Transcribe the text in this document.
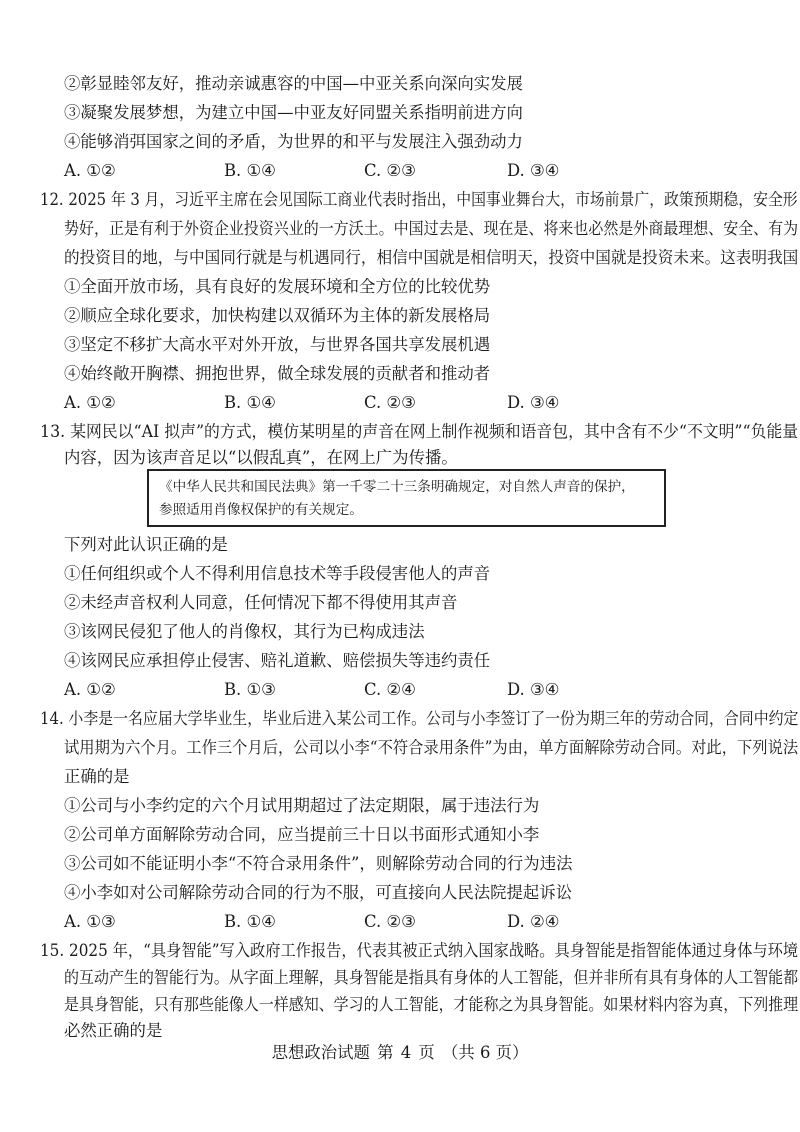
②彰显睦邻友好，推动亲诚惠容的中国—中亚关系向深向实发展
③凝聚发展梦想，为建立中国—中亚友好同盟关系指明前进方向
④能够消弭国家之间的矛盾，为世界的和平与发展注入强劲动力
A. ①②	B. ①④	C. ②③	D. ③④
12. 2025 年 3 月，习近平主席在会见国际工商业代表时指出，中国事业舞台大，市场前景广，政策预期稳，安全形
势好，正是有利于外资企业投资兴业的一方沃土。中国过去是、现在是、将来也必然是外商最理想、安全、有为
的投资目的地，与中国同行就是与机遇同行，相信中国就是相信明天，投资中国就是投资未来。这表明我国
①全面开放市场，具有良好的发展环境和全方位的比较优势
②顺应全球化要求，加快构建以双循环为主体的新发展格局
③坚定不移扩大高水平对外开放，与世界各国共享发展机遇
④始终敞开胸襟、拥抱世界，做全球发展的贡献者和推动者
A. ①②	B. ①④	C. ②③	D. ③④
13. 某网民以“AI 拟声”的方式，模仿某明星的声音在网上制作视频和语音包，其中含有不少“不文明”“负能量
内容，因为该声音足以“以假乱真”，在网上广为传播。
《中华人民共和国民法典》第一千零二十三条明确规定，对自然人声音的保护，
参照适用肖像权保护的有关规定。
下列对此认识正确的是
①任何组织或个人不得利用信息技术等手段侵害他人的声音
②未经声音权利人同意，任何情况下都不得使用其声音
③该网民侵犯了他人的肖像权，其行为已构成违法
④该网民应承担停止侵害、赔礼道歉、赔偿损失等违约责任
A. ①②	B. ①③	C. ②④	D. ③④
14. 小李是一名应届大学毕业生，毕业后进入某公司工作。公司与小李签订了一份为期三年的劳动合同，合同中约定
试用期为六个月。工作三个月后，公司以小李“不符合录用条件”为由，单方面解除劳动合同。对此，下列说法
正确的是
①公司与小李约定的六个月试用期超过了法定期限，属于违法行为
②公司单方面解除劳动合同，应当提前三十日以书面形式通知小李
③公司如不能证明小李“不符合录用条件”，则解除劳动合同的行为违法
④小李如对公司解除劳动合同的行为不服，可直接向人民法院提起诉讼
A. ①③	B. ①④	C. ②③	D. ②④
15. 2025 年，“具身智能”写入政府工作报告，代表其被正式纳入国家战略。具身智能是指智能体通过身体与环境
的互动产生的智能行为。从字面上理解，具身智能是指具有身体的人工智能，但并非所有具有身体的人工智能都
是具身智能，只有那些能像人一样感知、学习的人工智能，才能称之为具身智能。如果材料内容为真，下列推理
必然正确的是
思想政治试题 第 4 页 （共 6 页）
